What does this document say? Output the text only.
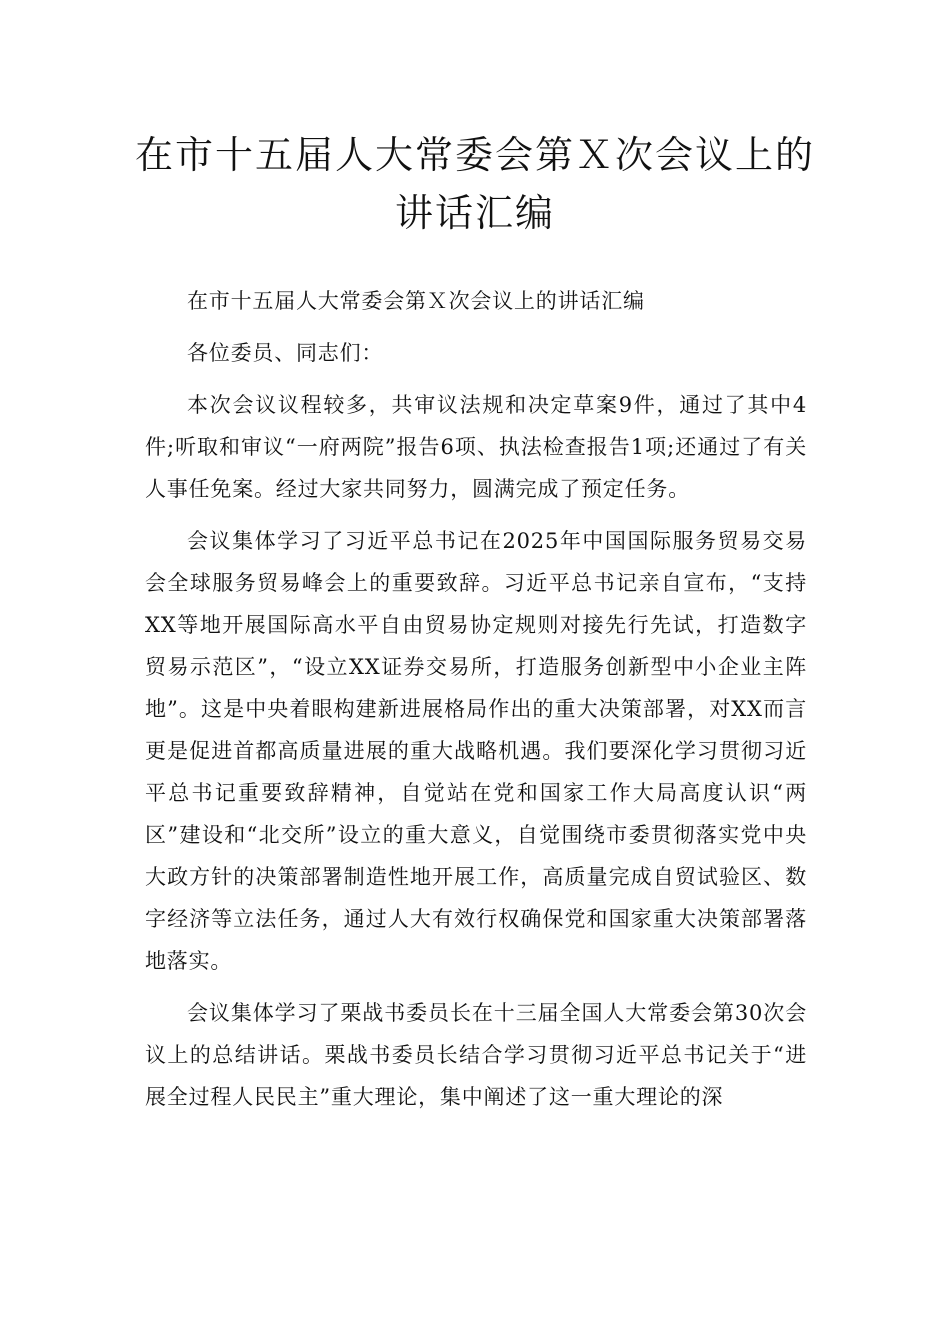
在市十五届人大常委会第Ｘ次会议上的
讲话汇编

在市十五届人大常委会第Ｘ次会议上的讲话汇编

各位委员、同志们：

本次会议议程较多，共审议法规和决定草案9件，通过了其中4件;听取和审议“一府两院”报告6项、执法检查报告1项;还通过了有关人事任免案。经过大家共同努力，圆满完成了预定任务。

会议集体学习了习近平总书记在2025年中国国际服务贸易交易会全球服务贸易峰会上的重要致辞。习近平总书记亲自宣布，“支持XX等地开展国际高水平自由贸易协定规则对接先行先试，打造数字贸易示范区”，“设立XX证券交易所，打造服务创新型中小企业主阵地”。这是中央着眼构建新进展格局作出的重大决策部署，对XX而言更是促进首都高质量进展的重大战略机遇。我们要深化学习贯彻习近平总书记重要致辞精神，自觉站在党和国家工作大局高度认识“两区”建设和“北交所”设立的重大意义，自觉围绕市委贯彻落实党中央大政方针的决策部署制造性地开展工作，高质量完成自贸试验区、数字经济等立法任务，通过人大有效行权确保党和国家重大决策部署落地落实。

会议集体学习了栗战书委员长在十三届全国人大常委会第30次会议上的总结讲话。栗战书委员长结合学习贯彻习近平总书记关于“进展全过程人民民主”重大理论，集中阐述了这一重大理论的深
